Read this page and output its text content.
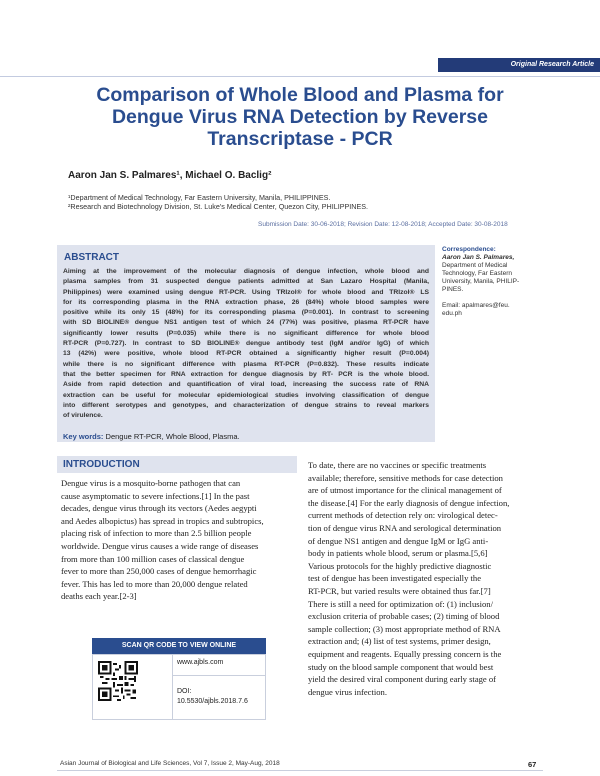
Original Research Article
Comparison of Whole Blood and Plasma for
Dengue Virus RNA Detection by Reverse
Transcriptase - PCR
Aaron Jan S. Palmares¹, Michael O. Baclig²
¹Department of Medical Technology, Far Eastern University, Manila, PHILIPPINES.
²Research and Biotechnology Division, St. Luke's Medical Center, Quezon City, PHILIPPINES.
Submission Date: 30-06-2018; Revision Date: 12-08-2018; Accepted Date: 30-08-2018
ABSTRACT
Aiming at the improvement of the molecular diagnosis of dengue infection, whole blood and
plasma samples from 31 suspected dengue patients admitted at San Lazaro Hospital (Manila,
Philippines) were examined using dengue RT-PCR. Using TRIzol® for whole blood and TRIzol® LS
for its corresponding plasma in the RNA extraction phase, 26 (84%) whole blood samples were
positive while its only 15 (48%) for its corresponding plasma (P=0.001). In contrast to screening
with SD BIOLINE® dengue NS1 antigen test of which 24 (77%) was positive, plasma RT-PCR have
significantly lower results (P=0.035) while there is no significant difference for whole blood
RT-PCR (P=0.727). In contrast to SD BIOLINE® dengue antibody test (IgM and/or IgG) of which
13 (42%) were positive, whole blood RT-PCR obtained a significantly higher result (P=0.004)
while there is no significant difference with plasma RT-PCR (P=0.832). These results indicate
that the better specimen for RNA extraction for dengue diagnosis by RT- PCR is the whole blood.
Aside from rapid detection and quantification of viral load, increasing the success rate of RNA
extraction can be useful for molecular epidemiological studies involving classification of dengue
into different serotypes and genotypes, and characterization of dengue strains to reveal markers
of virulence.
Key words: Dengue RT-PCR, Whole Blood, Plasma.
Correspondence:
Aaron Jan S. Palmares,
Department of Medical
Technology, Far Eastern
University, Manila, PHILIP-
PINES.
Email: apalmares@feu.
edu.ph
INTRODUCTION
Dengue virus is a mosquito-borne pathogen that can
cause asymptomatic to severe infections.[1] In the past
decades, dengue virus through its vectors (Aedes aegypti
and Aedes albopictus) has spread in tropics and subtropics,
placing risk of infection to more than 2.5 billion people
worldwide. Dengue virus causes a wide range of diseases
from more than 100 million cases of classical dengue
fever to more than 250,000 cases of dengue hemorrhagic
fever. This has led to more than 20,000 dengue related
deaths each year.[2-3]
To date, there are no vaccines or specific treatments
available; therefore, sensitive methods for case detection
are of utmost importance for the clinical management of
the disease.[4] For the early diagnosis of dengue infection,
current methods of detection rely on: virological detec-
tion of dengue virus RNA and serological determination
of dengue NS1 antigen and dengue IgM or IgG anti-
body in patients whole blood, serum or plasma.[5,6]
Various protocols for the highly predictive diagnostic
test of dengue has been investigated especially the
RT-PCR, but varied results were obtained thus far.[7]
There is still a need for optimization of: (1) inclusion/
exclusion criteria of probable cases; (2) timing of blood
sample collection; (3) most appropriate method of RNA
extraction and; (4) list of test systems, primer design,
equipment and reagents. Equally pressing concern is the
study on the blood sample component that would best
yield the desired viral component during early stage of
dengue virus infection.
SCAN QR CODE TO VIEW ONLINE
www.ajbls.com
DOI:
10.5530/ajbls.2018.7.6
Asian Journal of Biological and Life Sciences, Vol 7, Issue 2, May-Aug, 2018	67
